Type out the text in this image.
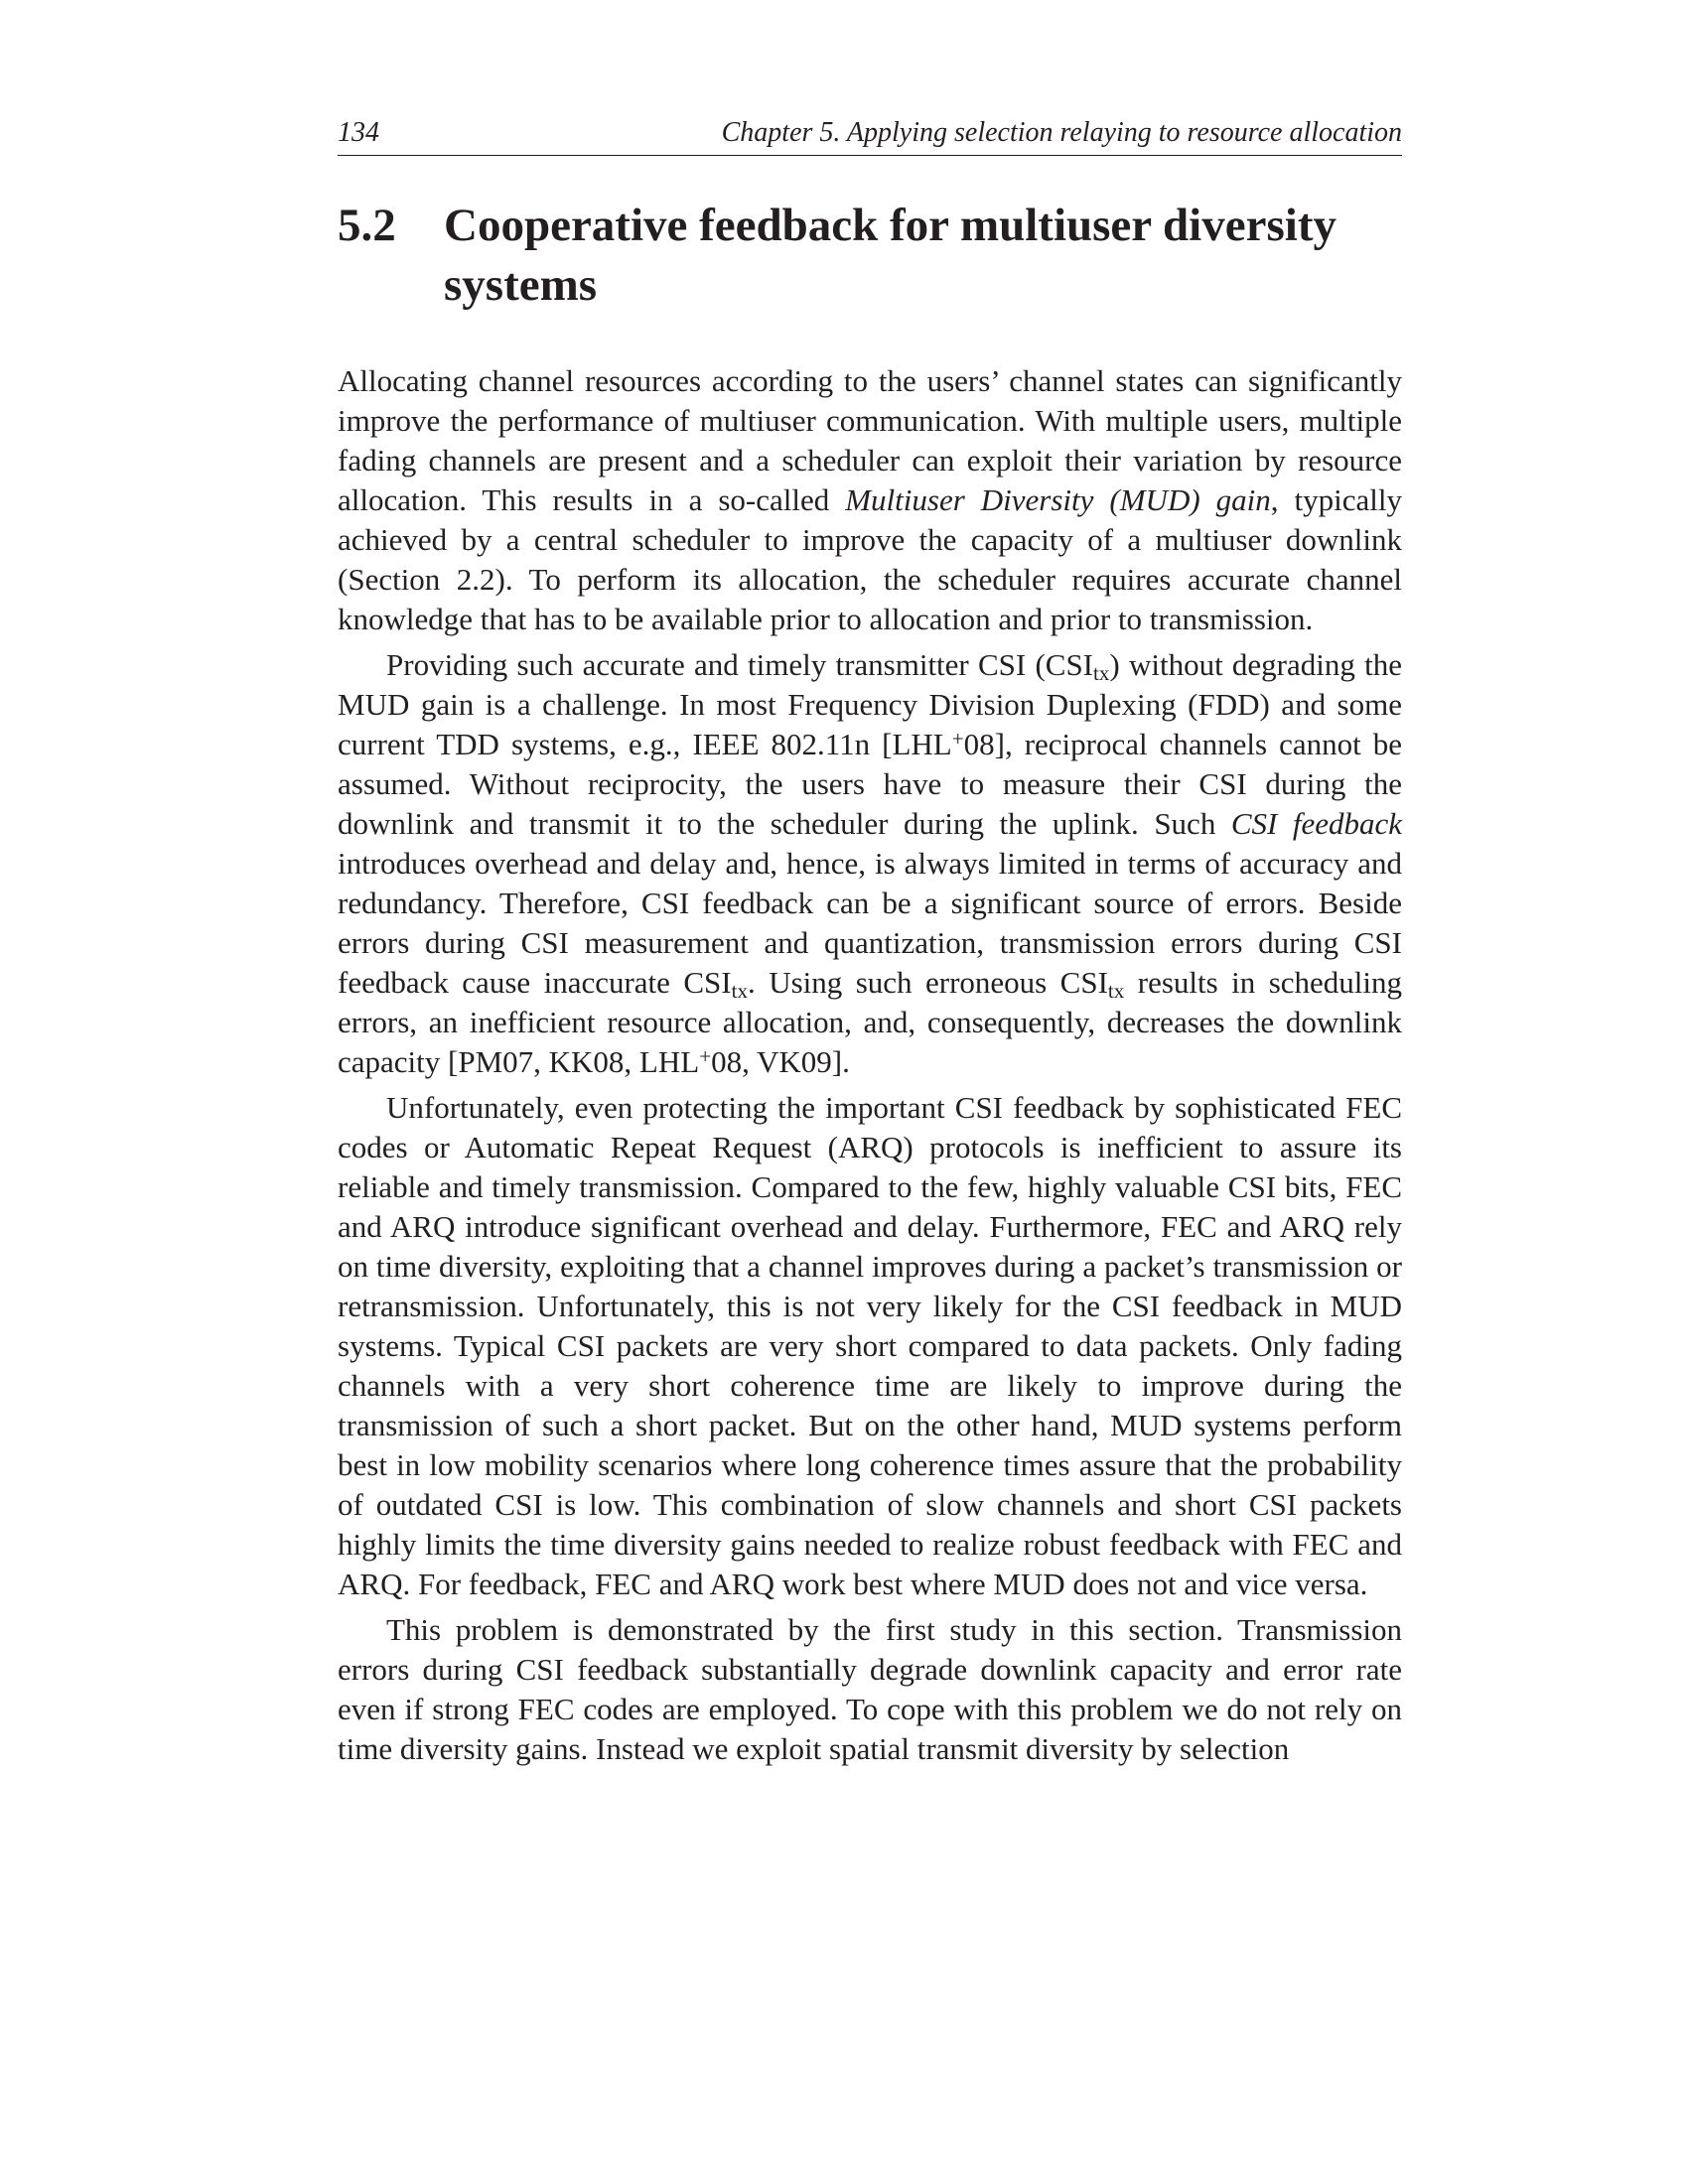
134	Chapter 5. Applying selection relaying to resource allocation
5.2	Cooperative feedback for multiuser diversity systems

Allocating channel resources according to the users’ channel states can significantly improve the performance of multiuser communication. With multiple users, multiple fading channels are present and a scheduler can exploit their variation by resource allocation. This results in a so-called Multiuser Diversity (MUD) gain, typically achieved by a central scheduler to improve the capacity of a multiuser downlink (Section 2.2). To perform its allocation, the scheduler requires accurate channel knowledge that has to be available prior to allocation and prior to transmission.

Providing such accurate and timely transmitter CSI $(CSI_{tx})$ without degrading the MUD gain is a challenge. In most Frequency Division Duplexing (FDD) and some current TDD systems, e.g., IEEE 802.11n [LHL+08], reciprocal channels cannot be assumed. Without reciprocity, the users have to measure their CSI during the downlink and transmit it to the scheduler during the uplink. Such CSI feedback introduces overhead and delay and, hence, is always limited in terms of accuracy and redundancy. Therefore, CSI feedback can be a significant source of errors. Beside errors during CSI measurement and quantization, transmission errors during CSI feedback cause inaccurate $CSI_{tx}$. Using such erroneous $CSI_{tx}$ results in scheduling errors, an inefficient resource allocation, and, consequently, decreases the downlink capacity [PM07, KK08, LHL+08, VK09].

Unfortunately, even protecting the important CSI feedback by sophisticated FEC codes or Automatic Repeat Request (ARQ) protocols is inefficient to assure its reliable and timely transmission. Compared to the few, highly valuable CSI bits, FEC and ARQ introduce significant overhead and delay. Furthermore, FEC and ARQ rely on time diversity, exploiting that a channel improves during a packet’s transmission or retransmission. Unfortunately, this is not very likely for the CSI feedback in MUD systems. Typical CSI packets are very short compared to data packets. Only fading channels with a very short coherence time are likely to improve during the transmission of such a short packet. But on the other hand, MUD systems perform best in low mobility scenarios where long coherence times assure that the probability of outdated CSI is low. This combination of slow channels and short CSI packets highly limits the time diversity gains needed to realize robust feedback with FEC and ARQ. For feedback, FEC and ARQ work best where MUD does not and vice versa.

This problem is demonstrated by the first study in this section. Transmission errors during CSI feedback substantially degrade downlink capacity and error rate even if strong FEC codes are employed. To cope with this problem we do not rely on time diversity gains. Instead we exploit spatial transmit diversity by selection
